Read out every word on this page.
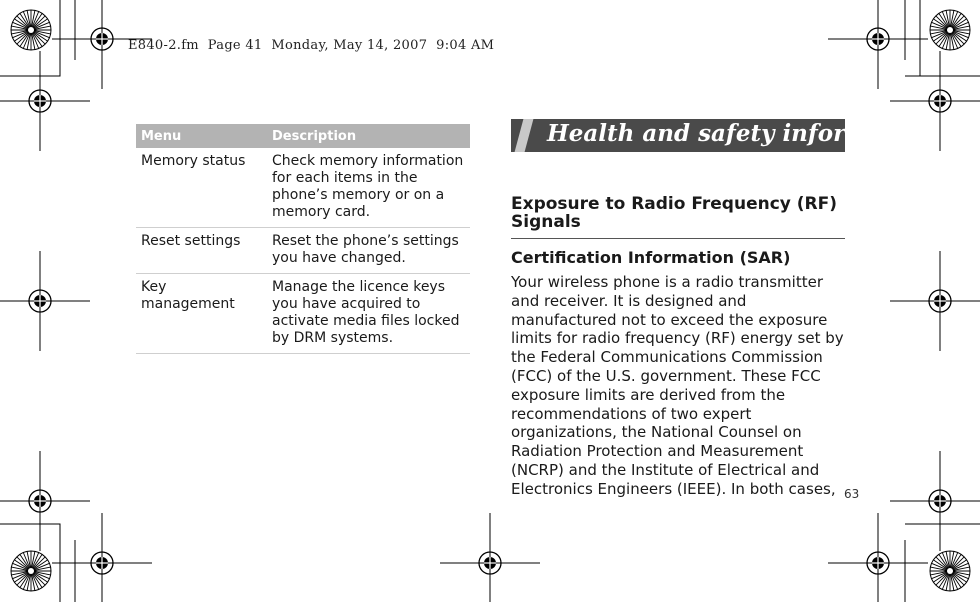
E840-2.fm  Page 41  Monday, May 14, 2007  9:04 AM
Menu	Description
Memory status	Check memory information for each items in the phone’s memory or on a memory card.
Reset settings	Reset the phone’s settings you have changed.
Key management	Manage the licence keys you have acquired to activate media files locked by DRM systems.
Health and safety information
Exposure to Radio Frequency (RF) Signals
Certification Information (SAR)
Your wireless phone is a radio transmitter and receiver. It is designed and manufactured not to exceed the exposure limits for radio frequency (RF) energy set by the Federal Communications Commission (FCC) of the U.S. government. These FCC exposure limits are derived from the recommendations of two expert organizations, the National Counsel on Radiation Protection and Measurement (NCRP) and the Institute of Electrical and Electronics Engineers (IEEE). In both cases, 63
